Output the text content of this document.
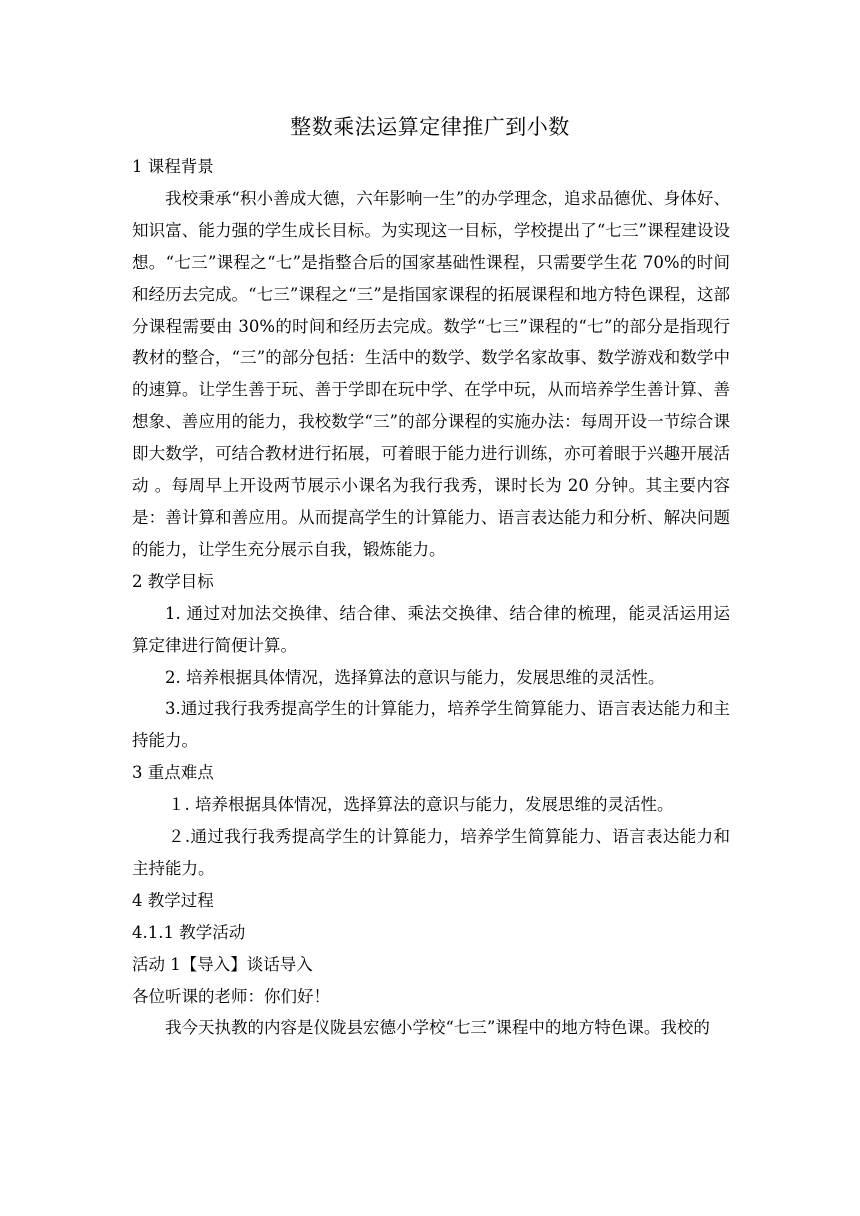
整数乘法运算定律推广到小数

1 课程背景

我校秉承“积小善成大德，六年影响一生”的办学理念，追求品德优、身体好、知识富、能力强的学生成长目标。为实现这一目标，学校提出了“七三”课程建设设想。“七三”课程之“七”是指整合后的国家基础性课程，只需要学生花 70%的时间和经历去完成。“七三”课程之“三”是指国家课程的拓展课程和地方特色课程，这部分课程需要由 30%的时间和经历去完成。数学“七三”课程的“七”的部分是指现行教材的整合，“三”的部分包括：生活中的数学、数学名家故事、数学游戏和数学中的速算。让学生善于玩、善于学即在玩中学、在学中玩，从而培养学生善计算、善想象、善应用的能力，我校数学“三”的部分课程的实施办法：每周开设一节综合课即大数学，可结合教材进行拓展，可着眼于能力进行训练，亦可着眼于兴趣开展活动 。每周早上开设两节展示小课名为我行我秀，课时长为 20 分钟。其主要内容是：善计算和善应用。从而提高学生的计算能力、语言表达能力和分析、解决问题的能力，让学生充分展示自我，锻炼能力。

2 教学目标

1. 通过对加法交换律、结合律、乘法交换律、结合律的梳理，能灵活运用运算定律进行简便计算。

2. 培养根据具体情况，选择算法的意识与能力，发展思维的灵活性。

3.通过我行我秀提高学生的计算能力，培养学生简算能力、语言表达能力和主持能力。

3 重点难点

１. 培养根据具体情况，选择算法的意识与能力，发展思维的灵活性。

２.通过我行我秀提高学生的计算能力，培养学生简算能力、语言表达能力和主持能力。

4 教学过程

4.1.1 教学活动

活动 1【导入】谈话导入

各位听课的老师：你们好！

我今天执教的内容是仪陇县宏德小学校“七三”课程中的地方特色课。我校的
